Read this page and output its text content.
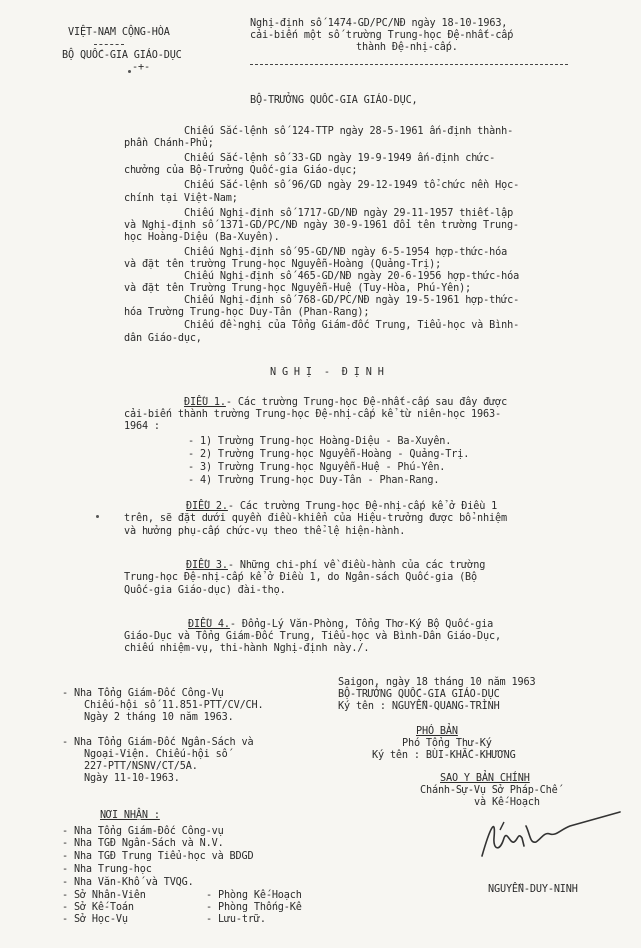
VIỆT-NAM CỘNG-HÒA
BỘ QUỐC-GIA GIÁO-DỤC
-+-
Nghị-định số 1474-GD/PC/NĐ ngày 18-10-1963,
cải-biến một số trường Trung-học Đệ-nhất-cấp
thành Đệ-nhị-cấp.
BỘ-TRƯỞNG QUỐC-GIA GIÁO-DỤC,
Chiếu Sắc-lệnh số 124-TTP ngày 28-5-1961 ấn-định thành-
phần Chánh-Phủ;
Chiếu Sắc-lệnh số 33-GD ngày 19-9-1949 ấn-định chức-
chưởng của Bộ-Trưởng Quốc-gia Giáo-dục;
Chiếu Sắc-lệnh số 96/GD ngày 29-12-1949 tổ-chức nền Học-
chính tại Việt-Nam;
Chiếu Nghị-định số 1717-GD/NĐ ngày 29-11-1957 thiết-lập
và Nghị-định số 1371-GD/PC/NĐ ngày 30-9-1961 đổi tên trường Trung-
học Hoàng-Diệu (Ba-Xuyên).
Chiếu Nghị-định số 95-GD/NĐ ngày 6-5-1954 hợp-thức-hóa
và đặt tên trường Trung-học Nguyễn-Hoàng (Quảng-Trị);
Chiếu Nghị-định số 465-GD/NĐ ngày 20-6-1956 hợp-thức-hóa
và đặt tên Trường Trung-học Nguyễn-Huệ (Tuy-Hòa, Phú-Yên);
Chiếu Nghị-định số 768-GD/PC/NĐ ngày 19-5-1961 hợp-thức-
hóa Trường Trung-học Duy-Tân (Phan-Rang);
Chiếu đề-nghị của Tổng Giám-đốc Trung, Tiểu-học và Bình-
dân Giáo-dục,
N G H Ị  -  Đ Ị N H
ĐIỀU 1.- Các trường Trung-học Đệ-nhất-cấp sau đây được
cải-biến thành trường Trung-học Đệ-nhị-cấp kể từ niên-học 1963-
1964 :
- 1) Trường Trung-học Hoàng-Diệu - Ba-Xuyên.
- 2) Trường Trung-học Nguyễn-Hoàng - Quảng-Trị.
- 3) Trường Trung-học Nguyễn-Huệ - Phú-Yên.
- 4) Trường Trung-học Duy-Tân - Phan-Rang.
ĐIỀU 2.- Các trường Trung-học Đệ-nhị-cấp kể ở Điều 1
trên, sẽ đặt dưới quyền điều-khiển của Hiệu-trưởng được bổ-nhiệm
và hưởng phụ-cấp chức-vụ theo thể-lệ hiện-hành.
ĐIỀU 3.- Những chi-phí về điều-hành của các trường
Trung-học Đệ-nhị-cấp kể ở Điều 1, do Ngân-sách Quốc-gia (Bộ
Quốc-gia Giáo-dục) đài-thọ.
ĐIỀU 4.- Đổng-Lý Văn-Phòng, Tổng Thơ-Ký Bộ Quốc-gia
Giáo-Dục và Tổng Giám-Đốc Trung, Tiểu-học và Bình-Dân Giáo-Dục,
chiếu nhiệm-vụ, thi-hành Nghị-định này./.
Saigon, ngày 18 tháng 10 năm 1963
BỘ-TRƯỞNG QUỐC-GIA GIÁO-DỤC
Ký tên : NGUYỄN-QUANG-TRÌNH
PHÓ BẢN
Phó Tổng Thư-Ký
Ký tên : BÙI-KHẮC-KHƯƠNG
SAO Y BẢN CHÍNH
Chánh-Sự-Vụ Sở Pháp-Chế
và Kế-Hoạch
NGUYỄN-DUY-NINH
- Nha Tổng Giám-Đốc Công-Vụ
Chiếu-hội số 11.851-PTT/CV/CH.
Ngày 2 tháng 10 năm 1963.
- Nha Tổng Giám-Đốc Ngân-Sách và
Ngoại-Viện. Chiếu-hội số
227-PTT/NSNV/CT/5A.
Ngày 11-10-1963.
NƠI NHẬN :
- Nha Tổng Giám-Đốc Công-vụ
- Nha TGĐ Ngân-Sách và N.V.
- Nha TGĐ Trung Tiểu-học và BDGD
- Nha Trung-học
- Nha Văn-Khố và TVQG.
- Sở Nhân-Viên
- Sở Kế-Toán
- Sở Học-Vụ
- Phòng Kế-Hoạch
- Phòng Thống-Kê
- Lưu-trữ.
